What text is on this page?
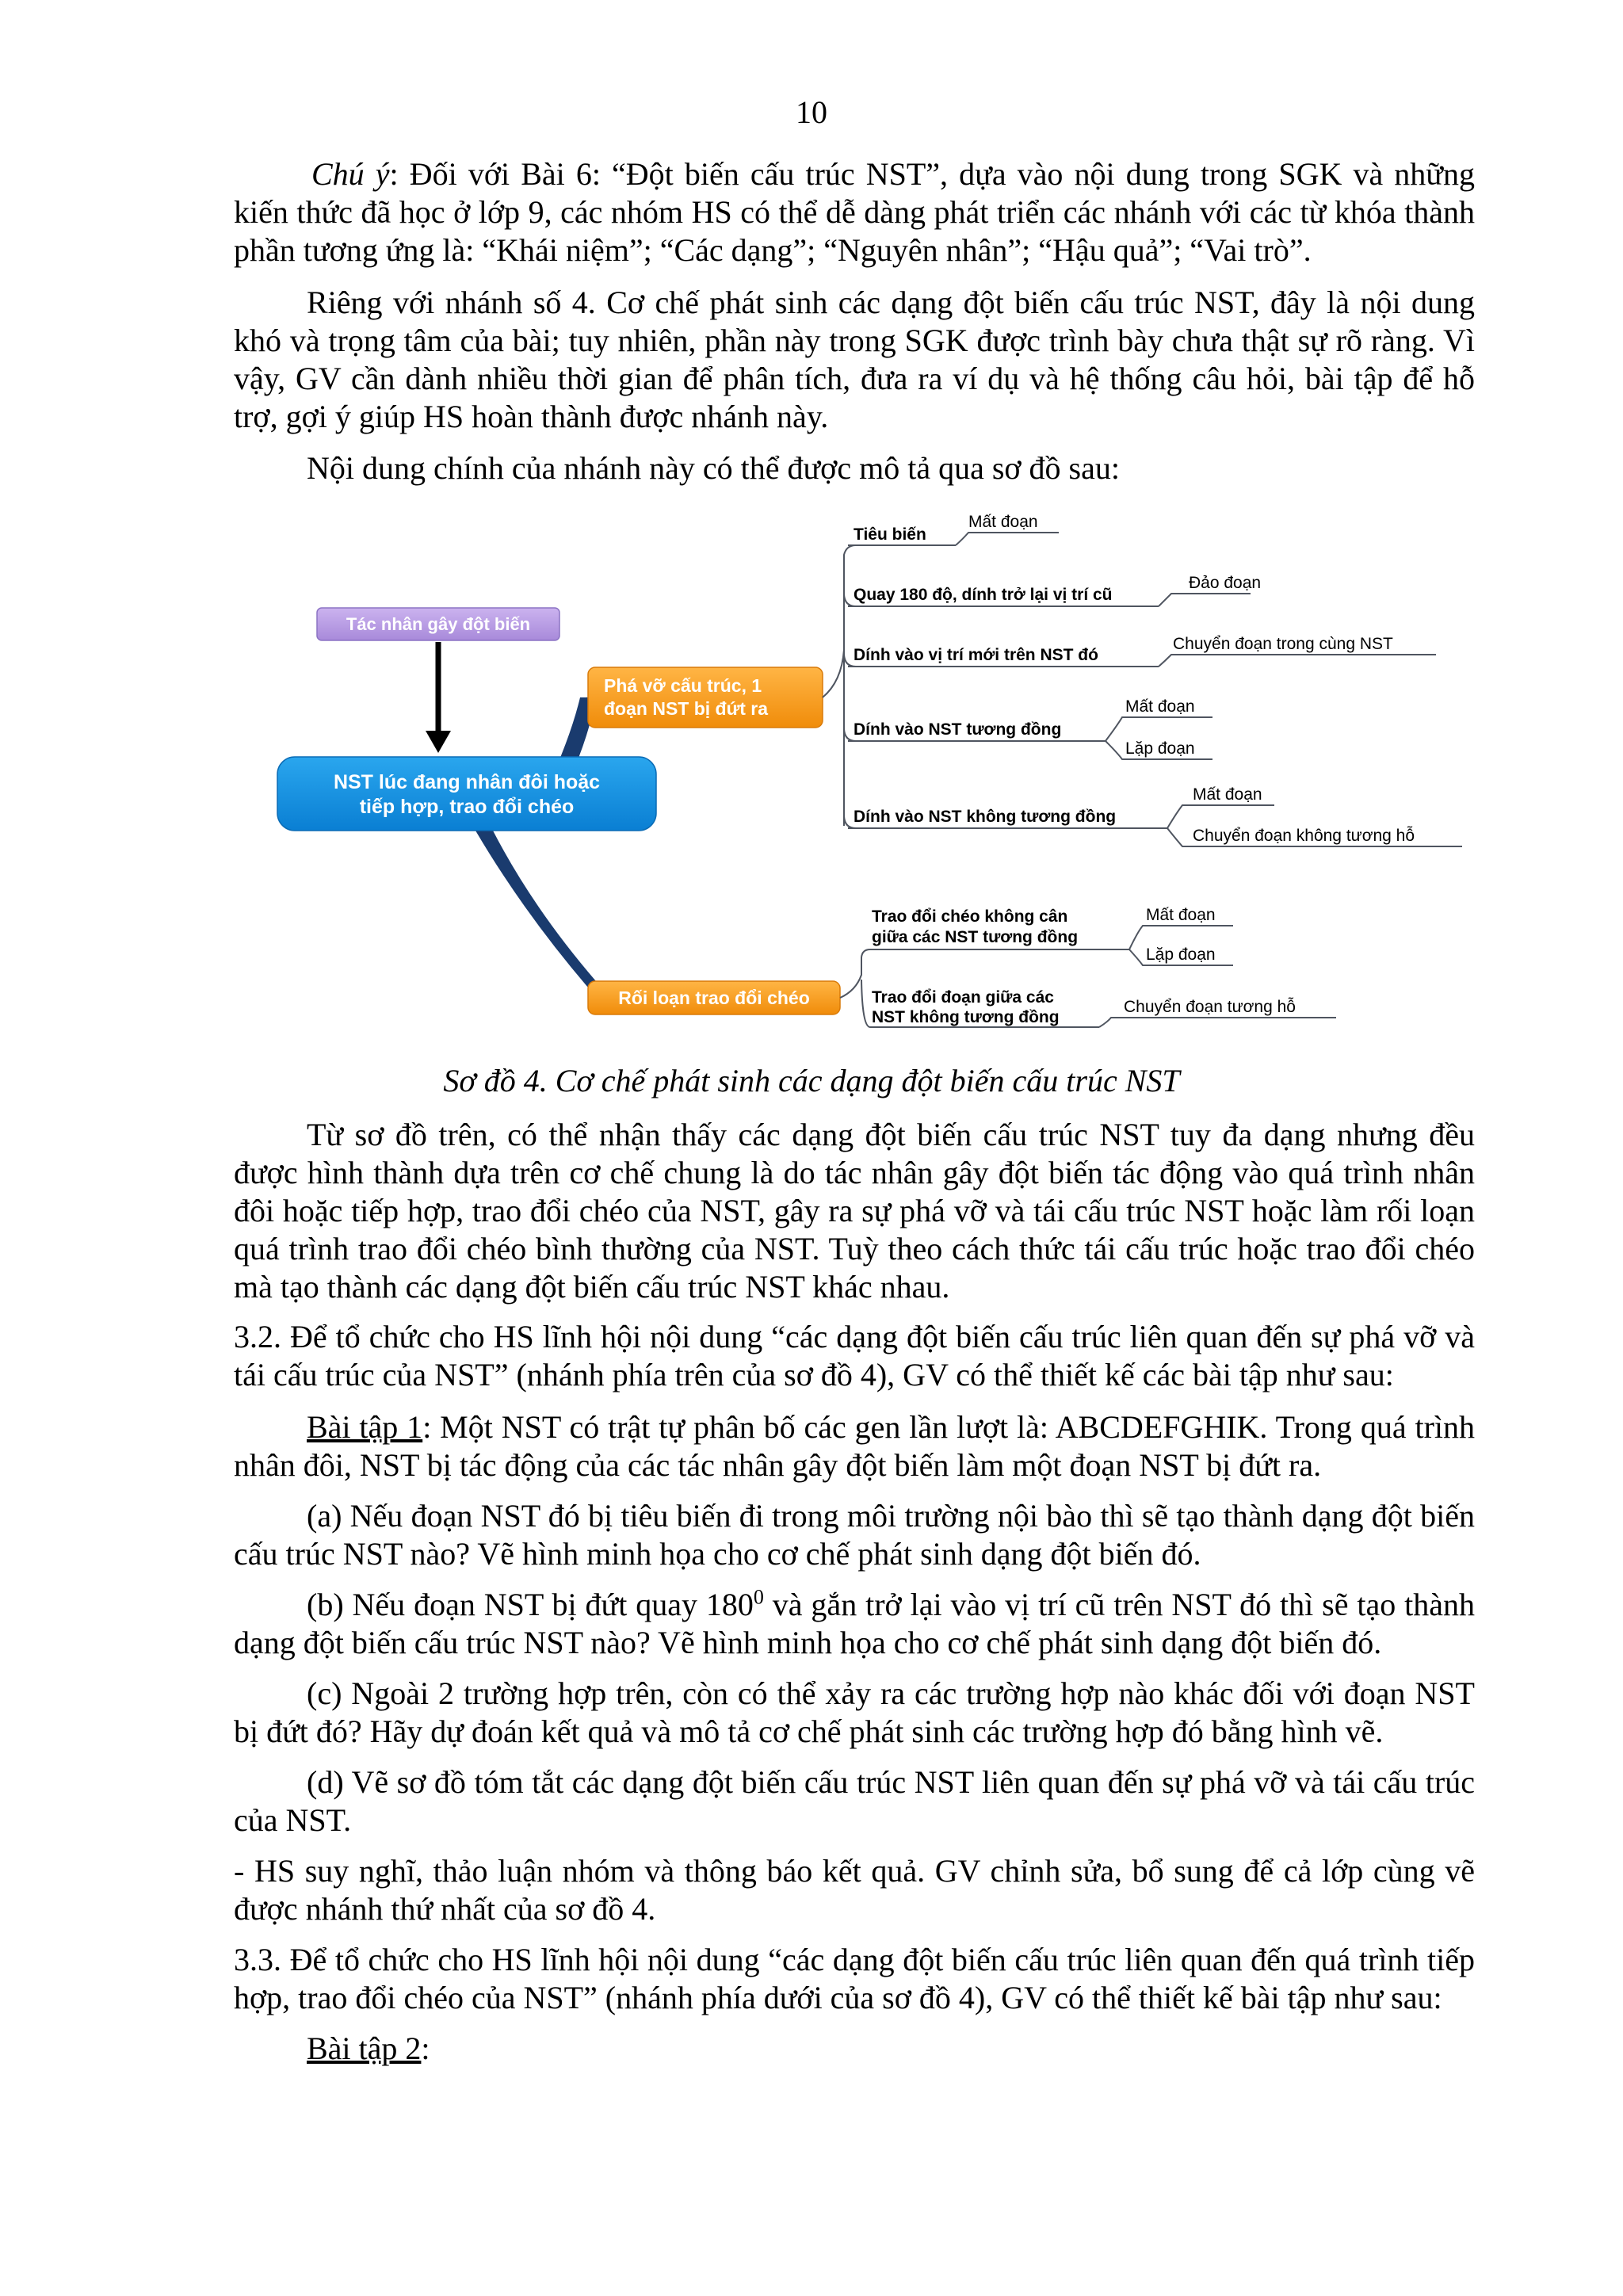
10

Chú ý: Đối với Bài 6: “Đột biến cấu trúc NST”, dựa vào nội dung trong SGK và những kiến thức đã học ở lớp 9, các nhóm HS có thể dễ dàng phát triển các nhánh với các từ khóa thành phần tương ứng là: “Khái niệm”; “Các dạng”; “Nguyên nhân”; “Hậu quả”; “Vai trò”.

Riêng với nhánh số 4. Cơ chế phát sinh các dạng đột biến cấu trúc NST, đây là nội dung khó và trọng tâm của bài; tuy nhiên, phần này trong SGK được trình bày chưa thật sự rõ ràng. Vì vậy, GV cần dành nhiều thời gian để phân tích, đưa ra ví dụ và hệ thống câu hỏi, bài tập để hỗ trợ, gợi ý giúp HS hoàn thành được nhánh này.

Nội dung chính của nhánh này có thể được mô tả qua sơ đồ sau:

Tác nhân gây đột biến
NST lúc đang nhân đôi hoặc
tiếp hợp, trao đổi chéo
Phá vỡ cấu trúc, 1
đoạn NST bị đứt ra
Rối loạn trao đổi chéo
Tiêu biến
Quay 180 độ, dính trở lại vị trí cũ
Dính vào vị trí mới trên NST đó
Dính vào NST tương đồng
Dính vào NST không tương đồng
Trao đổi chéo không cân
giữa các NST tương đồng
Trao đổi đoạn giữa các
NST không tương đồng
Mất đoạn
Đảo đoạn
Chuyển đoạn trong cùng NST
Mất đoạn
Lặp đoạn
Mất đoạn
Chuyển đoạn không tương hỗ
Mất đoạn
Lặp đoạn
Chuyển đoạn tương hỗ
Sơ đồ 4. Cơ chế phát sinh các dạng đột biến cấu trúc NST

Từ sơ đồ trên, có thể nhận thấy các dạng đột biến cấu trúc NST tuy đa dạng nhưng đều được hình thành dựa trên cơ chế chung là do tác nhân gây đột biến tác động vào quá trình nhân đôi hoặc tiếp hợp, trao đổi chéo của NST, gây ra sự phá vỡ và tái cấu trúc NST hoặc làm rối loạn quá trình trao đổi chéo bình thường của NST. Tuỳ theo cách thức tái cấu trúc hoặc trao đổi chéo mà tạo thành các dạng đột biến cấu trúc NST khác nhau.

3.2. Để tổ chức cho HS lĩnh hội nội dung “các dạng đột biến cấu trúc liên quan đến sự phá vỡ và tái cấu trúc của NST” (nhánh phía trên của sơ đồ 4), GV có thể thiết kế các bài tập như sau:

Bài tập 1: Một NST có trật tự phân bố các gen lần lượt là: ABCDEFGHIK. Trong quá trình nhân đôi, NST bị tác động của các tác nhân gây đột biến làm một đoạn NST bị đứt ra.

(a) Nếu đoạn NST đó bị tiêu biến đi trong môi trường nội bào thì sẽ tạo thành dạng đột biến cấu trúc NST nào? Vẽ hình minh họa cho cơ chế phát sinh dạng đột biến đó.

(b) Nếu đoạn NST bị đứt quay $180^0$ và gắn trở lại vào vị trí cũ trên NST đó thì sẽ tạo thành dạng đột biến cấu trúc NST nào? Vẽ hình minh họa cho cơ chế phát sinh dạng đột biến đó.

(c) Ngoài 2 trường hợp trên, còn có thể xảy ra các trường hợp nào khác đối với đoạn NST bị đứt đó? Hãy dự đoán kết quả và mô tả cơ chế phát sinh các trường hợp đó bằng hình vẽ.

(d) Vẽ sơ đồ tóm tắt các dạng đột biến cấu trúc NST liên quan đến sự phá vỡ và tái cấu trúc của NST.

- HS suy nghĩ, thảo luận nhóm và thông báo kết quả. GV chỉnh sửa, bổ sung để cả lớp cùng vẽ được nhánh thứ nhất của sơ đồ 4.

3.3. Để tổ chức cho HS lĩnh hội nội dung “các dạng đột biến cấu trúc liên quan đến quá trình tiếp hợp, trao đổi chéo của NST” (nhánh phía dưới của sơ đồ 4), GV có thể thiết kế bài tập như sau:

Bài tập 2:
